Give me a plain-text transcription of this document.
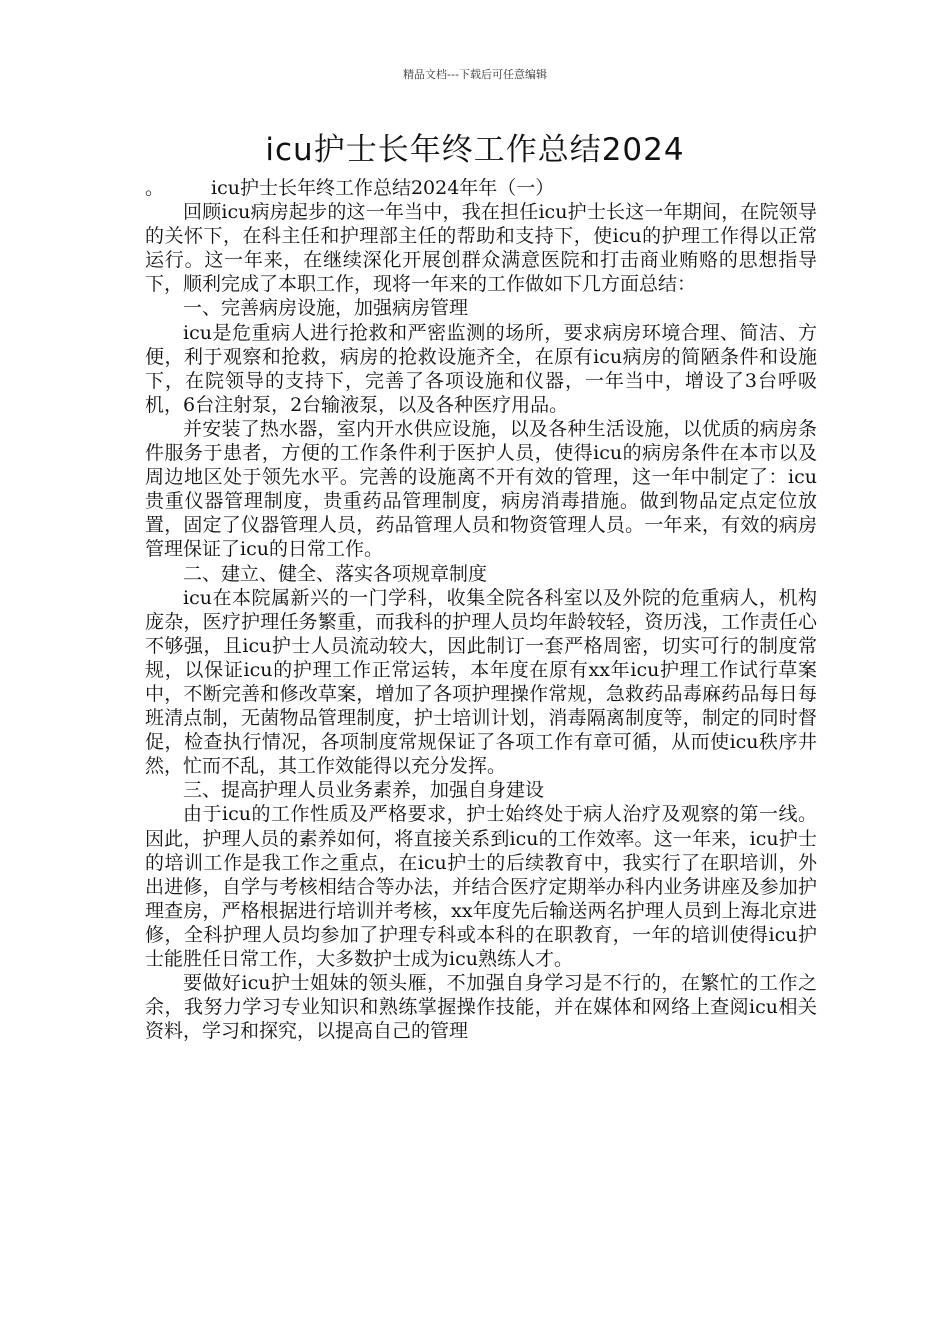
精品文档---下载后可任意编辑
icu护士长年终工作总结2024

。 icu护士长年终工作总结2024年年（一）

回顾icu病房起步的这一年当中，我在担任icu护士长这一年期间，在院领导的关怀下，在科主任和护理部主任的帮助和支持下，使icu的护理工作得以正常运行。这一年来，在继续深化开展创群众满意医院和打击商业贿赂的思想指导下，顺利完成了本职工作，现将一年来的工作做如下几方面总结：

一、完善病房设施，加强病房管理

icu是危重病人进行抢救和严密监测的场所，要求病房环境合理、简洁、方便，利于观察和抢救，病房的抢救设施齐全，在原有icu病房的简陋条件和设施下，在院领导的支持下，完善了各项设施和仪器，一年当中，增设了3台呼吸机，6台注射泵，2台输液泵，以及各种医疗用品。

并安装了热水器，室内开水供应设施，以及各种生活设施，以优质的病房条件服务于患者，方便的工作条件利于医护人员，使得icu的病房条件在本市以及周边地区处于领先水平。完善的设施离不开有效的管理，这一年中制定了：icu贵重仪器管理制度，贵重药品管理制度，病房消毒措施。做到物品定点定位放置，固定了仪器管理人员，药品管理人员和物资管理人员。一年来，有效的病房管理保证了icu的日常工作。

二、建立、健全、落实各项规章制度

icu在本院属新兴的一门学科，收集全院各科室以及外院的危重病人，机构庞杂，医疗护理任务繁重，而我科的护理人员均年龄较轻，资历浅，工作责任心不够强，且icu护士人员流动较大，因此制订一套严格周密，切实可行的制度常规，以保证icu的护理工作正常运转，本年度在原有xx年icu护理工作试行草案中，不断完善和修改草案，增加了各项护理操作常规，急救药品毒麻药品每日每班清点制，无菌物品管理制度，护士培训计划，消毒隔离制度等，制定的同时督促，检查执行情况，各项制度常规保证了各项工作有章可循，从而使icu秩序井然，忙而不乱，其工作效能得以充分发挥。

三、提高护理人员业务素养，加强自身建设

由于icu的工作性质及严格要求，护士始终处于病人治疗及观察的第一线。因此，护理人员的素养如何，将直接关系到icu的工作效率。这一年来，icu护士的培训工作是我工作之重点，在icu护士的后续教育中，我实行了在职培训，外出进修，自学与考核相结合等办法，并结合医疗定期举办科内业务讲座及参加护理查房，严格根据进行培训并考核，xx年度先后输送两名护理人员到上海北京进修，全科护理人员均参加了护理专科或本科的在职教育，一年的培训使得icu护士能胜任日常工作，大多数护士成为icu熟练人才。

要做好icu护士姐妹的领头雁，不加强自身学习是不行的，在繁忙的工作之余，我努力学习专业知识和熟练掌握操作技能，并在媒体和网络上查阅icu相关资料，学习和探究，以提高自己的管理
